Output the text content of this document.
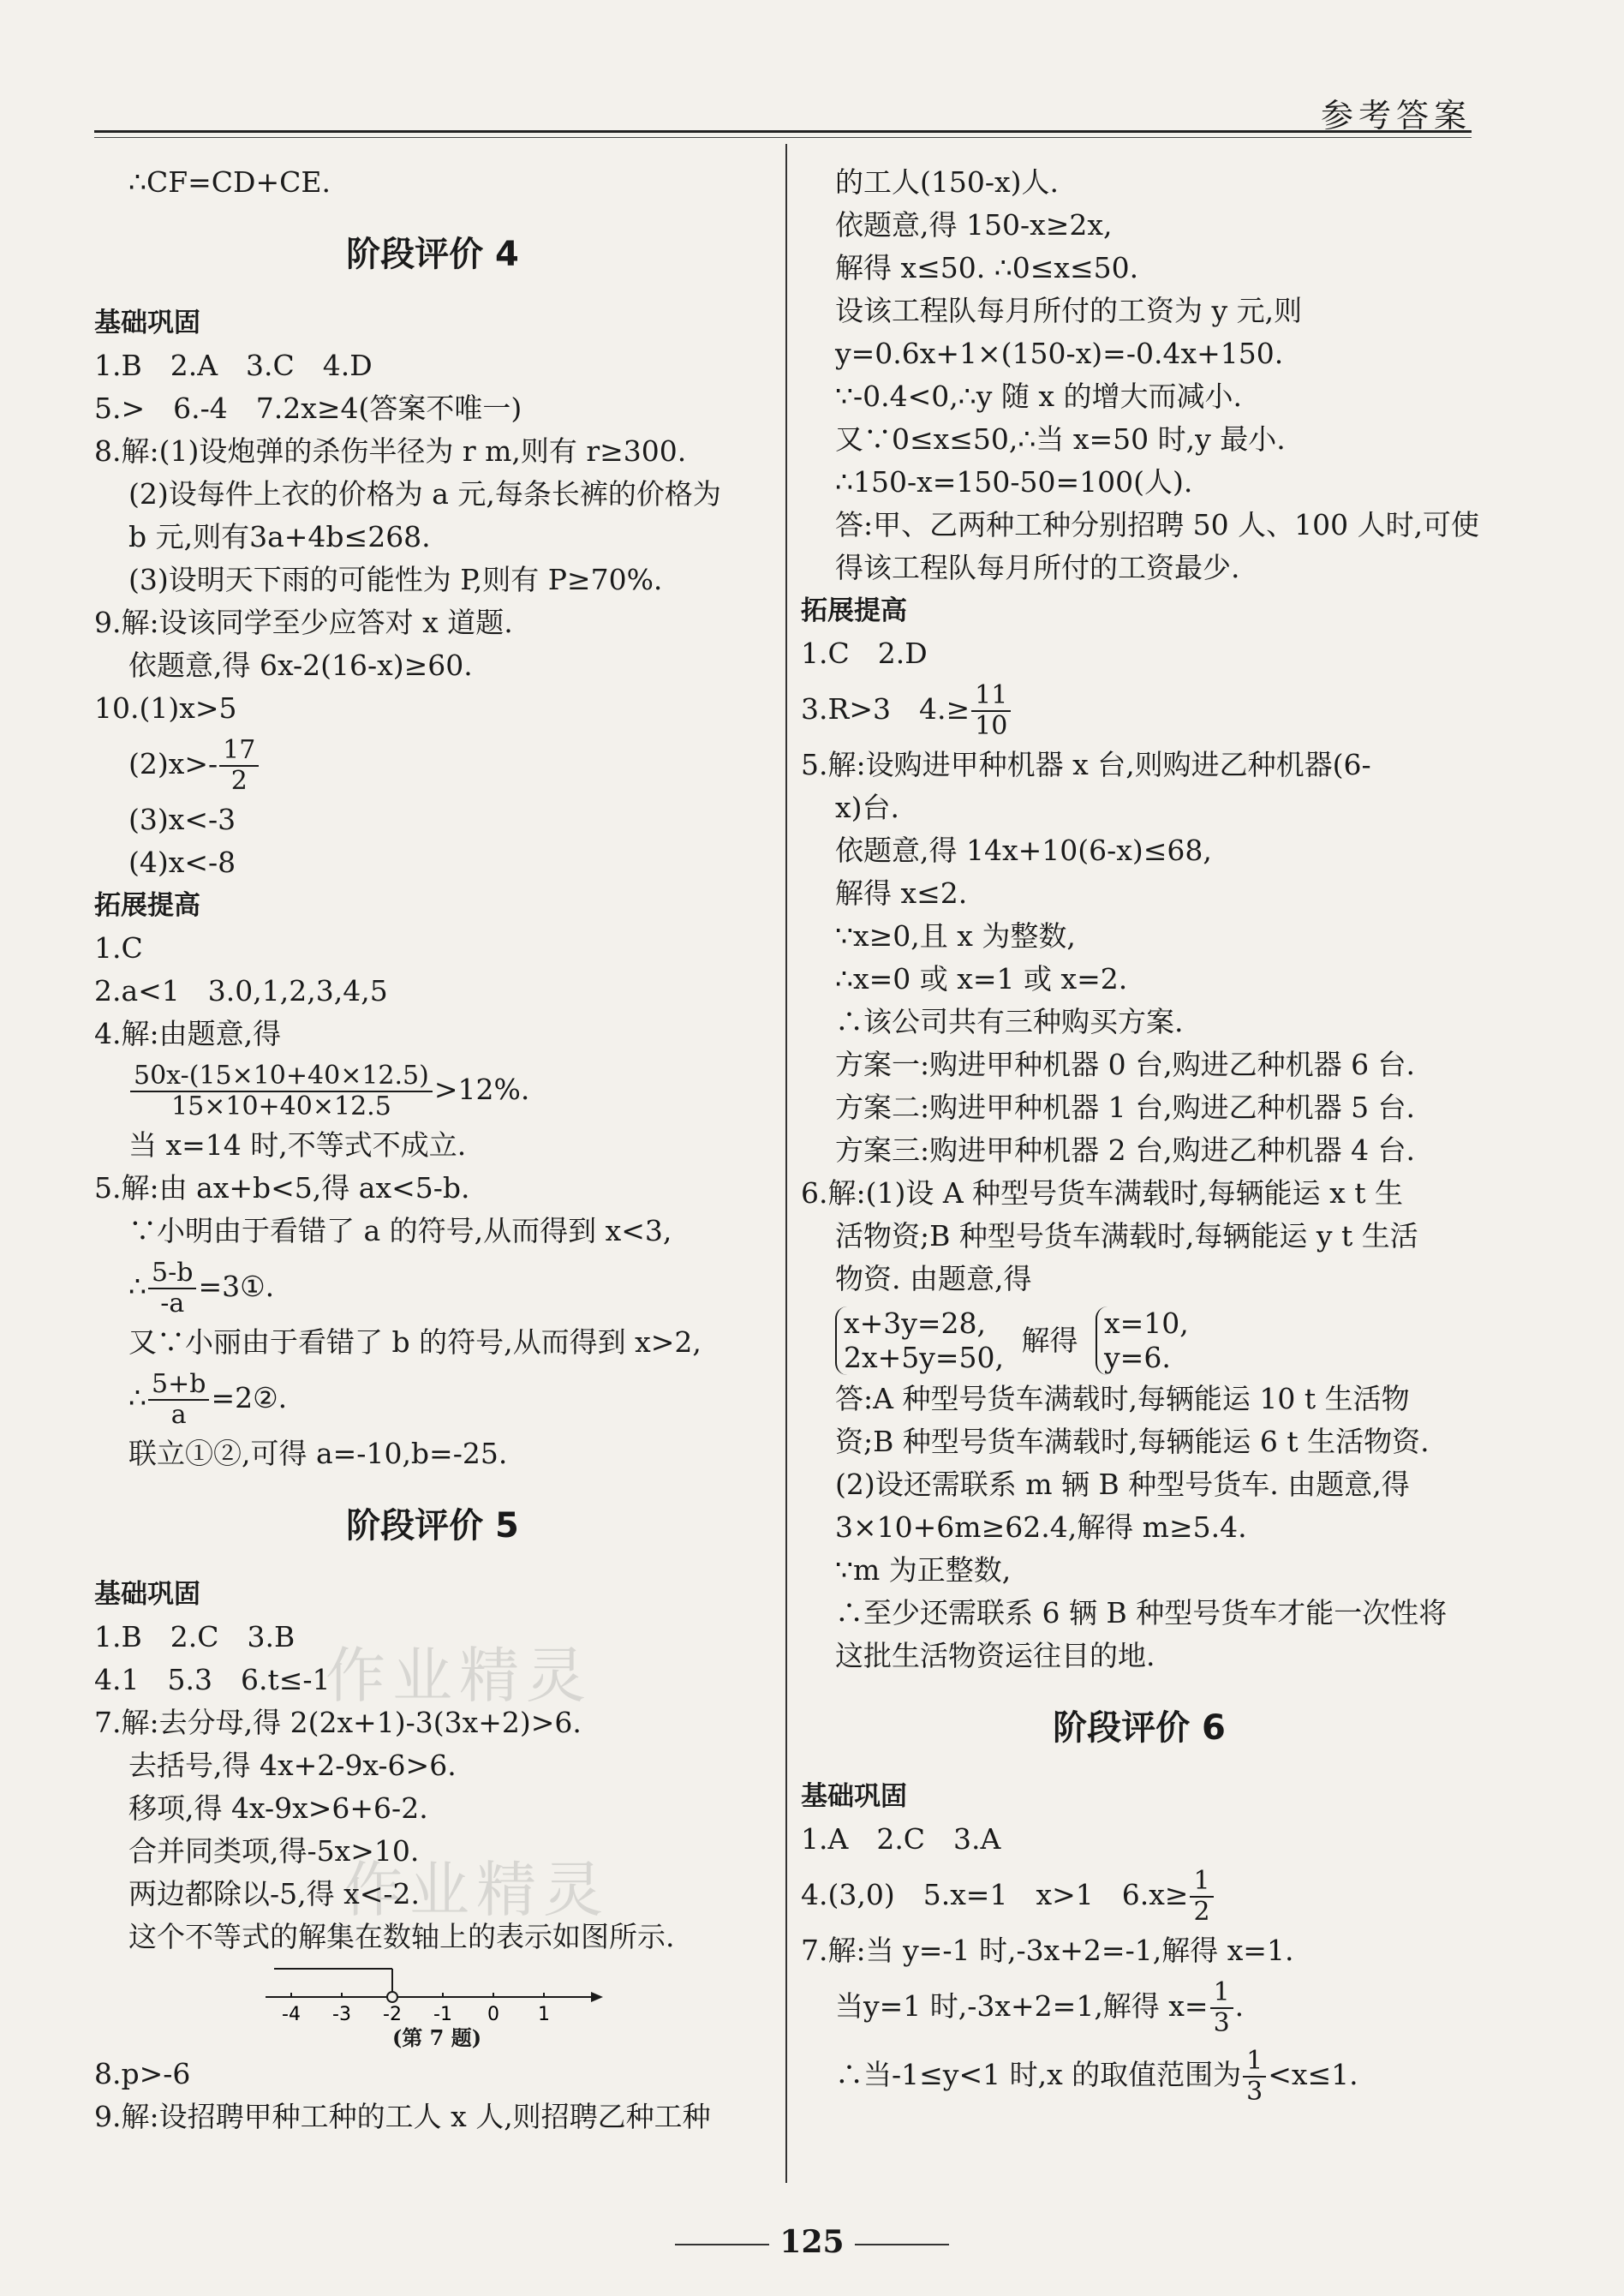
参考答案
作业精灵
作业精灵
∴CF=CD+CE.
阶段评价 4
基础巩固
1.B　2.A　3.C　4.D
5.>　6.-4　7.2x≥4(答案不唯一)
8.解:(1)设炮弹的杀伤半径为 r m,则有 r≥300.
(2)设每件上衣的价格为 a 元,每条长裤的价格为
b 元,则有3a+4b≤268.
(3)设明天下雨的可能性为 P,则有 P≥70%.
9.解:设该同学至少应答对 x 道题.
依题意,得 6x-2(16-x)≥60.
10.(1)x>5
$(2)x>- \frac{17}{2}$
(3)x<-3
(4)x<-8
拓展提高
1.C
2.a<1　3.0,1,2,3,4,5
4.解:由题意,得
$\frac{50x-(15\times 10+40\times 12.5)}{15\times 10+40\times 12.5} >12\%$.
当 x=14 时,不等式不成立.
5.解:由 ax+b<5,得 ax<5-b.
∵小明由于看错了 a 的符号,从而得到 x<3,
∴ $\frac{5-b}{-a}$ =3①.
又∵小丽由于看错了 b 的符号,从而得到 x>2,
∴ $\frac{5+b}{a}$ =2②.
联立①②,可得 a=-10,b=-25.
阶段评价 5
基础巩固
1.B　2.C　3.B
4.1　5.3　6.t≤-1
7.解:去分母,得 2(2x+1)-3(3x+2)>6.
去括号,得 4x+2-9x-6>6.
移项,得 4x-9x>6+6-2.
合并同类项,得-5x>10.
两边都除以-5,得 x<-2.
这个不等式的解集在数轴上的表示如图所示.
-4 -3 -2 -1 0 1
(第 7 题)
8.p>-6
9.解:设招聘甲种工种的工人 x 人,则招聘乙种工种
的工人(150-x)人.
依题意,得 150-x≥2x,
解得 x≤50. ∴0≤x≤50.
设该工程队每月所付的工资为 y 元,则
y=0.6x+1×(150-x)=-0.4x+150.
∵-0.4<0,∴y 随 x 的增大而减小.
又∵0≤x≤50,∴当 x=50 时,y 最小.
∴150-x=150-50=100(人).
答:甲、乙两种工种分别招聘 50 人、100 人时,可使
得该工程队每月所付的工资最少.
拓展提高
1.C　2.D
3.R>3　$4.\ge \frac{11}{10}$
5.解:设购进甲种机器 x 台,则购进乙种机器(6-
x)台.
依题意,得 14x+10(6-x)≤68,
解得 x≤2.
∵x≥0,且 x 为整数,
∴x=0 或 x=1 或 x=2.
∴该公司共有三种购买方案.
方案一:购进甲种机器 0 台,购进乙种机器 6 台.
方案二:购进甲种机器 1 台,购进乙种机器 5 台.
方案三:购进甲种机器 2 台,购进乙种机器 4 台.
6.解:(1)设 A 种型号货车满载时,每辆能运 x t 生
活物资;B 种型号货车满载时,每辆能运 y t 生活
物资. 由题意,得
x+3y=28,
2x+5y=50,
解得
x=10,
y=6.
答:A 种型号货车满载时,每辆能运 10 t 生活物
资;B 种型号货车满载时,每辆能运 6 t 生活物资.
(2)设还需联系 m 辆 B 种型号货车. 由题意,得
3×10+6m≥62.4,解得 m≥5.4.
∵m 为正整数,
∴至少还需联系 6 辆 B 种型号货车才能一次性将
这批生活物资运往目的地.
阶段评价 6
基础巩固
1.A　2.C　3.A
4.(3,0)　5.x=1　x>1　$6.x\ge \frac{1}{2}$
7.解:当 y=-1 时,-3x+2=-1,解得 x=1.
当y=1 时,-3x+2=1,解得 $x= \frac{1}{3}$ .
∴当-1≤y<1 时,x 的取值范围为 $\frac{1}{3} <x\le 1$.
125
